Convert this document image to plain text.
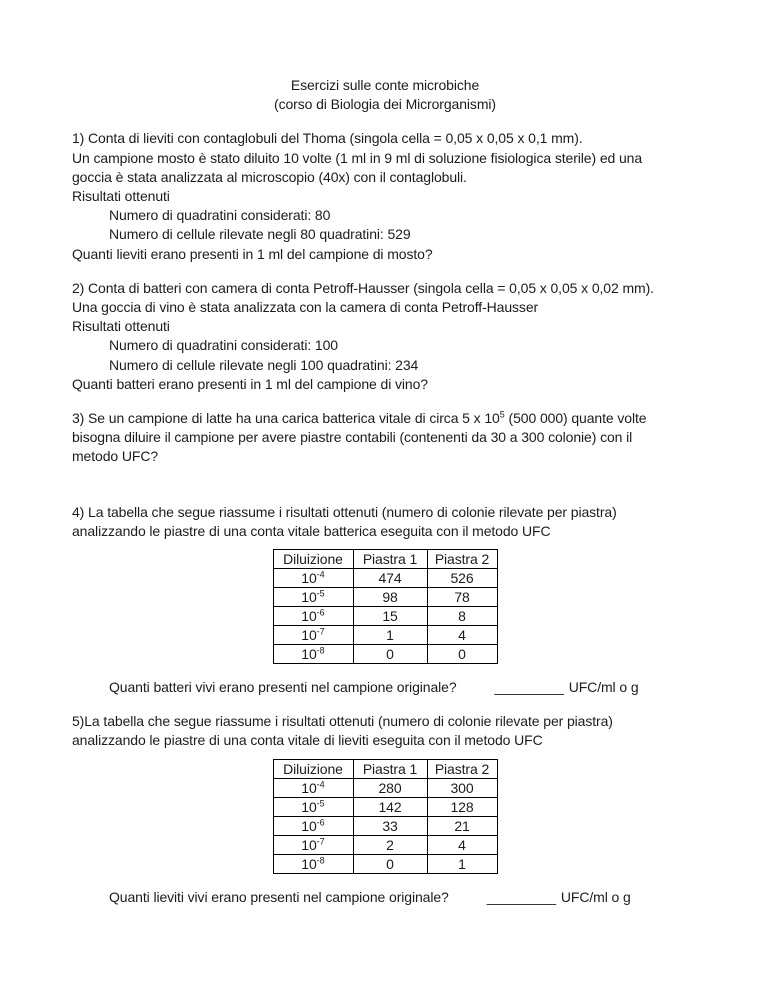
Esercizi sulle conte microbiche
(corso di Biologia dei Microrganismi)
1) Conta di lieviti con contaglobuli del Thoma (singola cella = 0,05 x 0,05 x 0,1 mm).
Un campione mosto è stato diluito 10 volte (1 ml in 9 ml di soluzione fisiologica sterile) ed una
goccia è stata analizzata al microscopio (40x) con il contaglobuli.
Risultati ottenuti
Numero di quadratini considerati: 80
Numero di cellule rilevate negli 80 quadratini: 529
Quanti lieviti erano presenti in 1 ml del campione di mosto?
2) Conta di batteri con camera di conta Petroff-Hausser (singola cella = 0,05 x 0,05 x 0,02 mm).
Una goccia di vino è stata analizzata con la camera di conta Petroff-Hausser
Risultati ottenuti
Numero di quadratini considerati: 100
Numero di cellule rilevate negli 100 quadratini: 234
Quanti batteri erano presenti in 1 ml del campione di vino?
3) Se un campione di latte ha una carica batterica vitale di circa 5 x $10^5$ (500 000) quante volte
bisogna diluire il campione per avere piastre contabili (contenenti da 30 a 300 colonie) con il
metodo UFC?
4) La tabella che segue riassume i risultati ottenuti (numero di colonie rilevate per piastra)
analizzando le piastre di una conta vitale batterica eseguita con il metodo UFC
Diluizione	Piastra 1	Piastra 2
$10^{-4}$	474	526
$10^{-5}$	98	78
$10^{-6}$	15	8
$10^{-7}$	1	4
$10^{-8}$	0	0
Quanti batteri vivi erano presenti nel campione originale?	_________ UFC/ml o g
5)La tabella che segue riassume i risultati ottenuti (numero di colonie rilevate per piastra)
analizzando le piastre di una conta vitale di lieviti eseguita con il metodo UFC
Diluizione	Piastra 1	Piastra 2
$10^{-4}$	280	300
$10^{-5}$	142	128
$10^{-6}$	33	21
$10^{-7}$	2	4
$10^{-8}$	0	1
Quanti lieviti vivi erano presenti nel campione originale?	_________ UFC/ml o g
